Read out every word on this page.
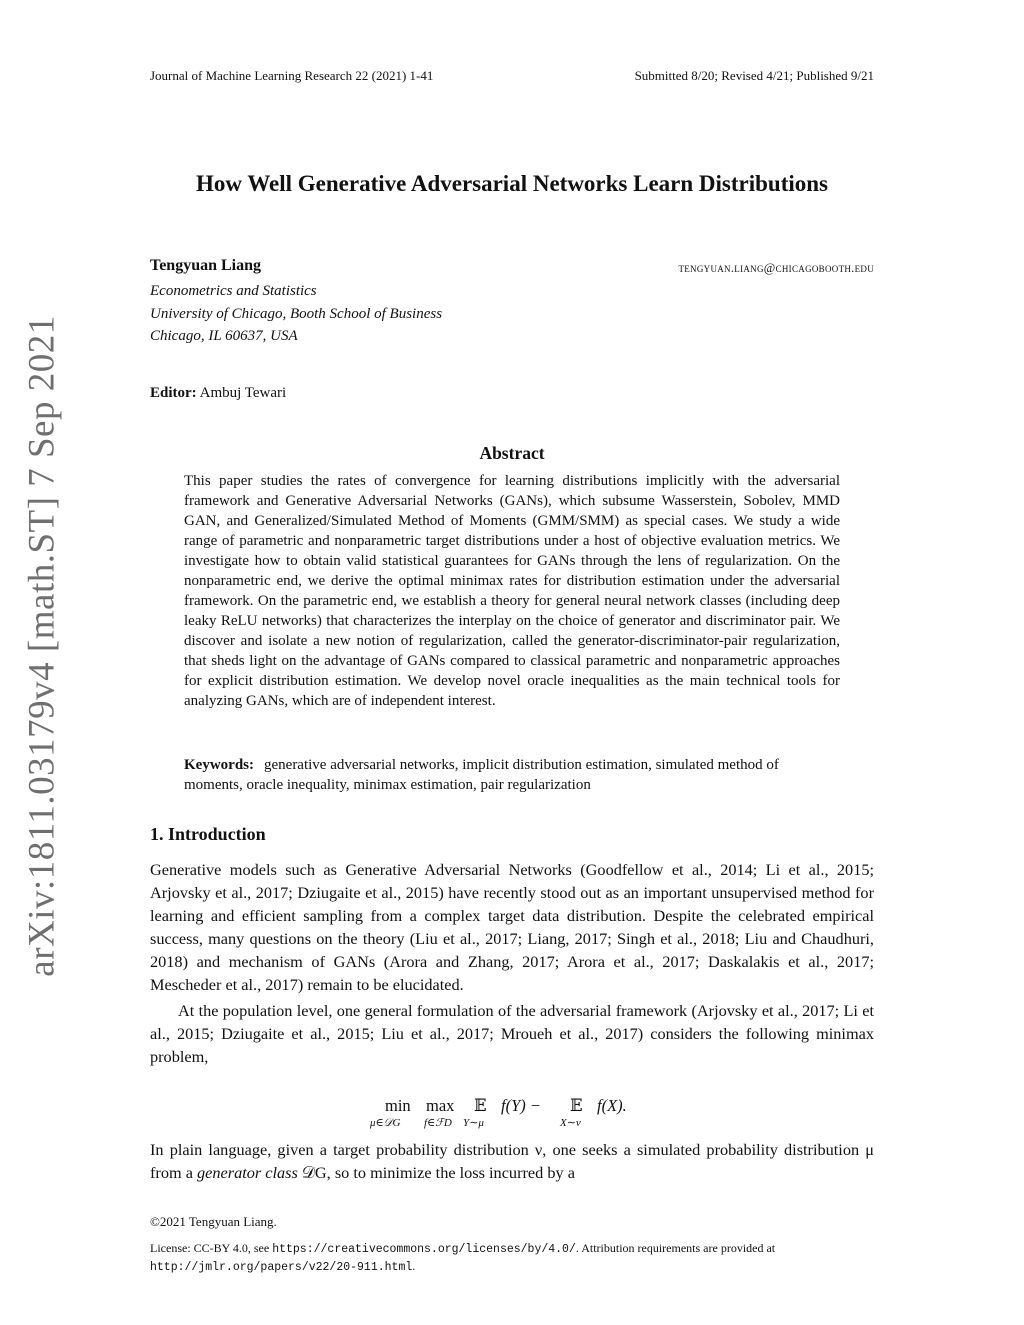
arXiv:1811.03179v4 [math.ST] 7 Sep 2021
Journal of Machine Learning Research 22 (2021) 1-41	Submitted 8/20; Revised 4/21; Published 9/21
How Well Generative Adversarial Networks Learn Distributions
Tengyuan Liang	tengyuan.liang@chicagobooth.edu
Econometrics and Statistics
University of Chicago, Booth School of Business
Chicago, IL 60637, USA
Editor: Ambuj Tewari
Abstract
This paper studies the rates of convergence for learning distributions implicitly with the adversarial framework and Generative Adversarial Networks (GANs), which subsume Wasserstein, Sobolev, MMD GAN, and Generalized/Simulated Method of Moments (GMM/SMM) as special cases. We study a wide range of parametric and nonparametric target distributions under a host of objective evaluation metrics. We investigate how to obtain valid statistical guarantees for GANs through the lens of regularization. On the nonparametric end, we derive the optimal minimax rates for distribution estimation under the adversarial framework. On the parametric end, we establish a theory for general neural network classes (including deep leaky ReLU networks) that characterizes the interplay on the choice of generator and discriminator pair. We discover and isolate a new notion of regularization, called the generator-discriminator-pair regularization, that sheds light on the advantage of GANs compared to classical parametric and nonparametric approaches for explicit distribution estimation. We develop novel oracle inequalities as the main technical tools for analyzing GANs, which are of independent interest.
Keywords: generative adversarial networks, implicit distribution estimation, simulated method of moments, oracle inequality, minimax estimation, pair regularization
1. Introduction

Generative models such as Generative Adversarial Networks (Goodfellow et al., 2014; Li et al., 2015; Arjovsky et al., 2017; Dziugaite et al., 2015) have recently stood out as an important unsupervised method for learning and efficient sampling from a complex target data distribution. Despite the celebrated empirical success, many questions on the theory (Liu et al., 2017; Liang, 2017; Singh et al., 2018; Liu and Chaudhuri, 2018) and mechanism of GANs (Arora and Zhang, 2017; Arora et al., 2017; Daskalakis et al., 2017; Mescheder et al., 2017) remain to be elucidated.

At the population level, one general formulation of the adversarial framework (Arjovsky et al., 2017; Li et al., 2015; Dziugaite et al., 2015; Liu et al., 2017; Mroueh et al., 2017) considers the following minimax problem,

min
μ∈𝒟G
max
f∈ℱD
𝔼
Y∼μ
f(Y) − 𝔼
X∼ν
f(X).
In plain language, given a target probability distribution ν, one seeks a simulated probability distribution μ from a generator class 𝒟G, so to minimize the loss incurred by a
©2021 Tengyuan Liang.
License: CC-BY 4.0, see https://creativecommons.org/licenses/by/4.0/. Attribution requirements are provided at http://jmlr.org/papers/v22/20-911.html.
